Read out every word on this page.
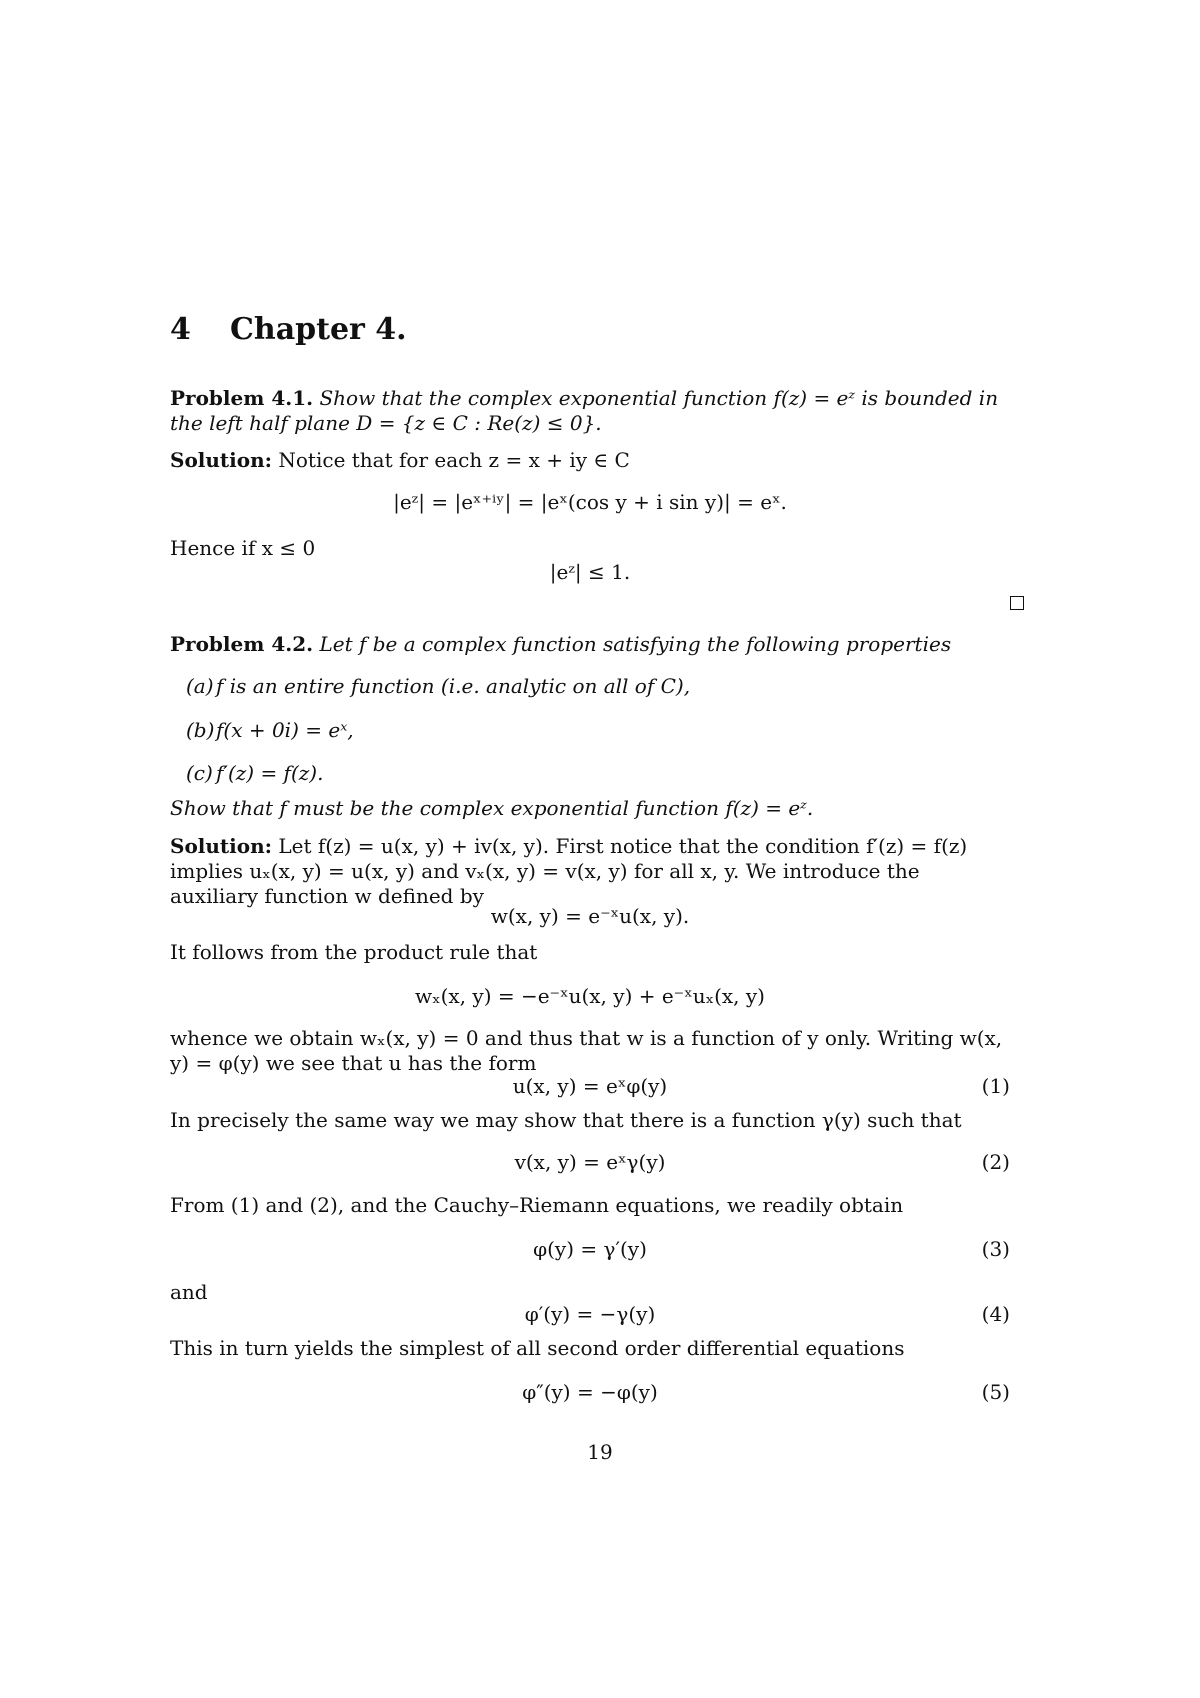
4 Chapter 4.
Problem 4.1. Show that the complex exponential function f(z) = eᶻ is bounded in the left half plane D = {z ∈ C : Re(z) ≤ 0}.
Solution: Notice that for each z = x + iy ∈ C
|eᶻ| = |eˣ⁺ⁱʸ| = |eˣ(cos y + i sin y)| = eˣ.
Hence if x ≤ 0
|eᶻ| ≤ 1.
Problem 4.2. Let f be a complex function satisfying the following properties
(a) f is an entire function (i.e. analytic on all of C),
(b)f(x + 0i) = eˣ,
(c) f′(z) = f(z).
Show that f must be the complex exponential function f(z) = eᶻ.
Solution: Let f(z) = u(x, y) + iv(x, y). First notice that the condition f′(z) = f(z) implies uₓ(x, y) = u(x, y) and vₓ(x, y) = v(x, y) for all x, y. We introduce the auxiliary function w defined by
w(x, y) = e⁻ˣu(x, y).
It follows from the product rule that
wₓ(x, y) = −e⁻ˣu(x, y) + e⁻ˣuₓ(x, y)
whence we obtain wₓ(x, y) = 0 and thus that w is a function of y only. Writing w(x, y) = φ(y) we see that u has the form
u(x, y) = eˣφ(y)	(1)
In precisely the same way we may show that there is a function γ(y) such that
v(x, y) = eˣγ(y)	(2)
From (1) and (2), and the Cauchy–Riemann equations, we readily obtain
φ(y) = γ′(y)	(3)
and
φ′(y) = −γ(y)	(4)
This in turn yields the simplest of all second order differential equations
φ″(y) = −φ(y)	(5)
19
